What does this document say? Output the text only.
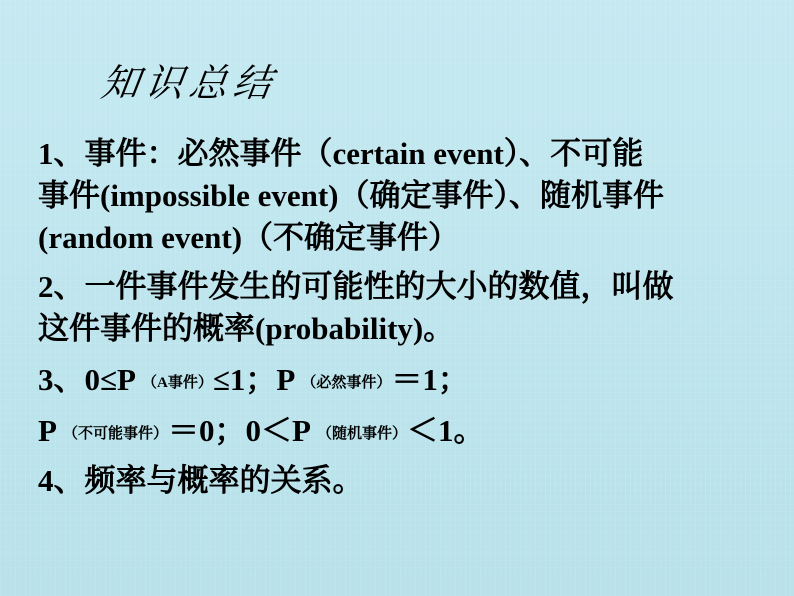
知识总结
1、事件：必然事件（certain event）、不可能
事件(impossible event)（确定事件）、随机事件
(random event)（不确定事件）
2、一件事件发生的可能性的大小的数值，叫做
这件事件的概率(probability)。
3、0≤P （A事件）≤1；P （必然事件）＝1；
P （不可能事件）＝0；0＜P （随机事件）＜1。
4、频率与概率的关系。
